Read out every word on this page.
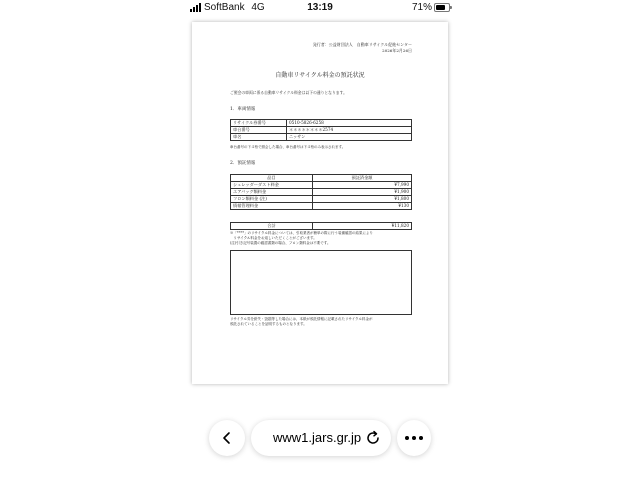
SoftBank 4G	13:19	71%
発行者：公益財団法人　自動車リサイクル促進センター
2026年2月26日
自動車リサイクル料金の預託状況
ご照会の車両に係る自動車リサイクル料金は以下の通りとなります。
1．車両情報
リサイクル券番号	0510-5826-6258
車台番号	＊＊＊＊＊＊＊＊2574
車名	ニッサン
車台番号の下４桁で照会した場合、車台番号は下４桁のみ表示されます。
2．預託情報
品目	預託済金額
シュレッダーダスト料金	¥7,990
エアバッグ類料金	¥1,900
フロン類料金 (注)	¥1,800
情報管理料金	¥130
合計	¥11,820
※「****」のリサイクル料金については、引取業者が簡単の際に行う装備確認の結果により
　リサイクル料金をお返しいただくことがございます。
(注)引き記号装置の確認書類の場合、フロン類料金は不要です。
リサイクル券を紛失・毀損等した場合には、本紙が預託情報に記載されたリサイクル料金が
預託されていることを証明するものとなります。
www1.jars.gr.jp
